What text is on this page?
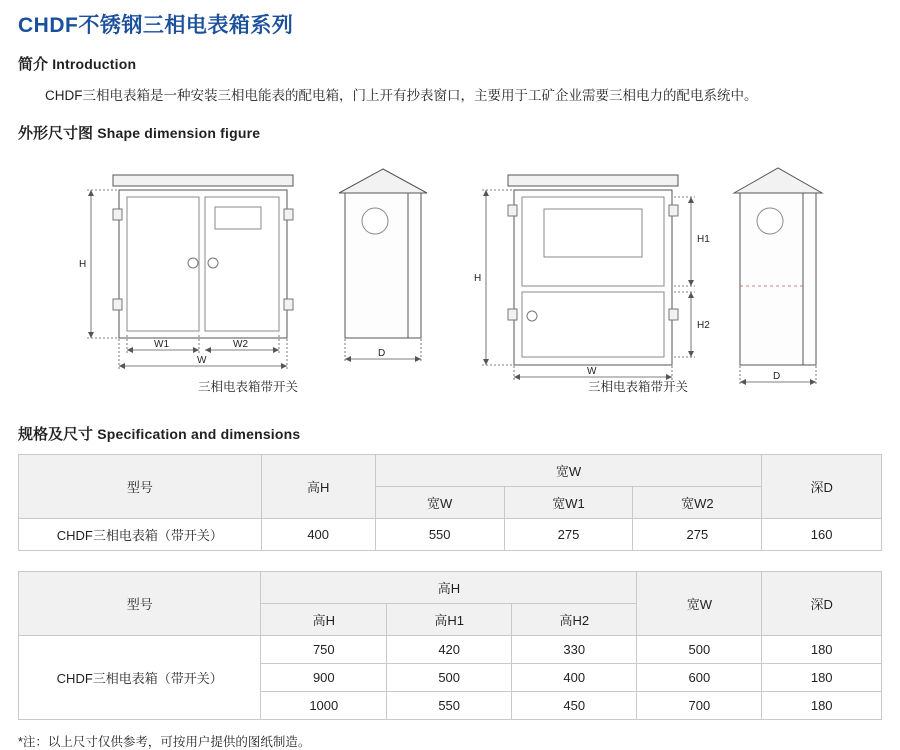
CHDF不锈钢三相电表箱系列
简介 Introduction

CHDF三相电表箱是一种安装三相电能表的配电箱，门上开有抄表窗口，主要用于工矿企业需要三相电力的配电系统中。

外形尺寸图 Shape dimension figure
H
W1	W2
W
D
H
H1
H2
W	D
三相电表箱带开关	三相电表箱带开关
规格及尺寸 Specification and dimensions
型号	高H	宽W			深D
		宽W	宽W1	宽W2	
CHDF三相电表箱（带开关）	400	550	275	275	160
型号	高H			宽W	深D
	高H	高H1	高H2		
CHDF三相电表箱（带开关）	750	420	330	500	180
	900	500	400	600	180
	1000	550	450	700	180
*注：以上尺寸仅供参考，可按用户提供的图纸制造。
